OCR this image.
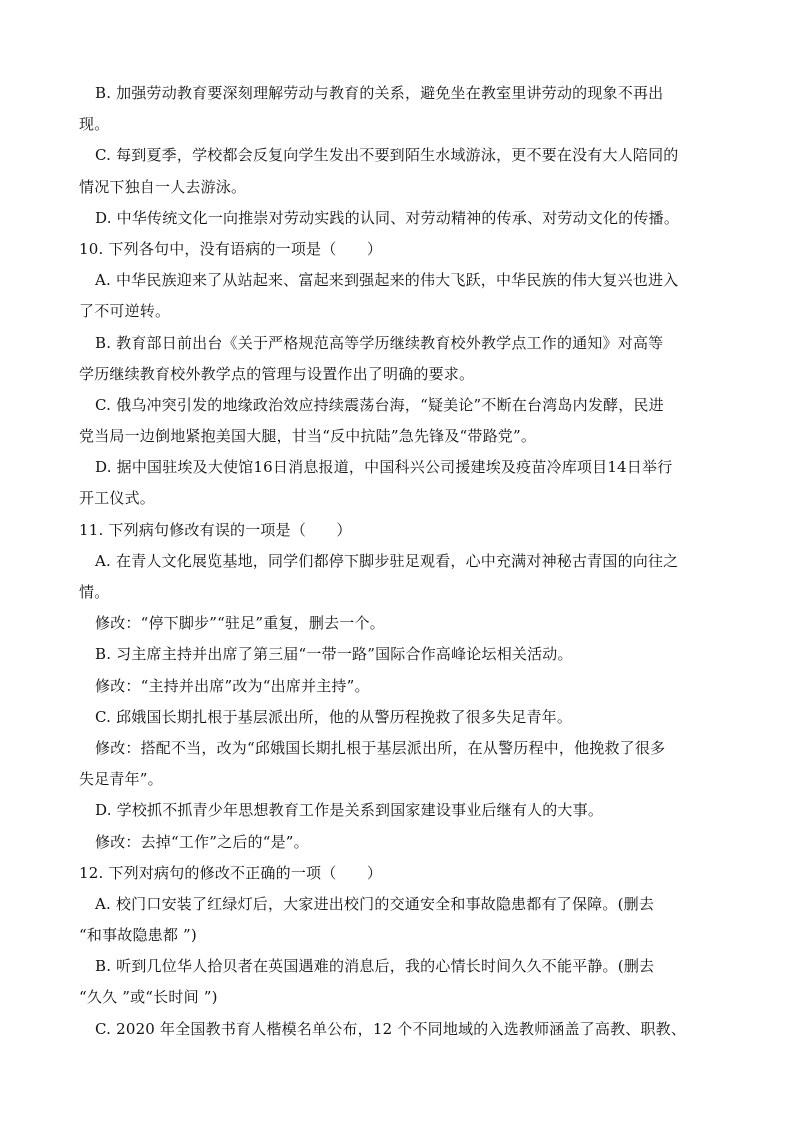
B. 加强劳动教育要深刻理解劳动与教育的关系，避免坐在教室里讲劳动的现象不再出
现。
C. 每到夏季，学校都会反复向学生发出不要到陌生水域游泳，更不要在没有大人陪同的
情况下独自一人去游泳。
D. 中华传统文化一向推崇对劳动实践的认同、对劳动精神的传承、对劳动文化的传播。
10. 下列各句中，没有语病的一项是（　　）
A. 中华民族迎来了从站起来、富起来到强起来的伟大飞跃，中华民族的伟大复兴也进入
了不可逆转。
B. 教育部日前出台《关于严格规范高等学历继续教育校外教学点工作的通知》对高等
学历继续教育校外教学点的管理与设置作出了明确的要求。
C. 俄乌冲突引发的地缘政治效应持续震荡台海，“疑美论”不断在台湾岛内发酵，民进
党当局一边倒地紧抱美国大腿，甘当“反中抗陆”急先锋及“带路党”。
D. 据中国驻埃及大使馆16日消息报道，中国科兴公司援建埃及疫苗冷库项目14日举行
开工仪式。
11. 下列病句修改有误的一项是（　　）
A. 在青人文化展览基地，同学们都停下脚步驻足观看，心中充满对神秘古青国的向往之
情。
修改：“停下脚步”“驻足”重复，删去一个。
B. 习主席主持并出席了第三届“一带一路”国际合作高峰论坛相关活动。
修改：“主持并出席”改为“出席并主持”。
C. 邱娥国长期扎根于基层派出所，他的从警历程挽救了很多失足青年。
修改：搭配不当，改为“邱娥国长期扎根于基层派出所，在从警历程中，他挽救了很多
失足青年”。
D. 学校抓不抓青少年思想教育工作是关系到国家建设事业后继有人的大事。
修改：去掉“工作”之后的“是”。
12. 下列对病句的修改不正确的一项（　　）
A. 校门口安装了红绿灯后，大家进出校门的交通安全和事故隐患都有了保障。(删去
“和事故隐患都 ”)
B. 听到几位华人拾贝者在英国遇难的消息后，我的心情长时间久久不能平静。(删去
“久久 ”或“长时间 ”)
C. 2020 年全国教书育人楷模名单公布，12 个不同地域的入选教师涵盖了高教、职教、
